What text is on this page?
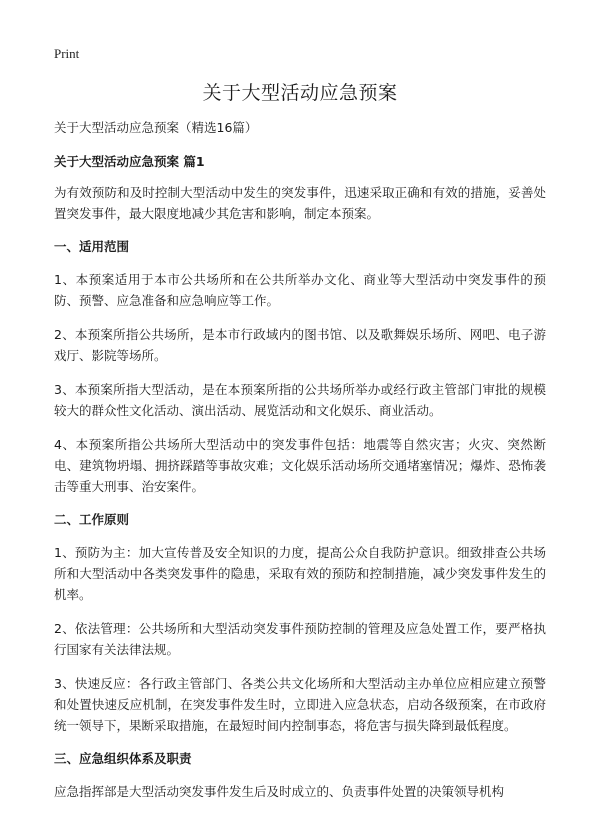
Print
关于大型活动应急预案
关于大型活动应急预案（精选16篇）
关于大型活动应急预案 篇1

为有效预防和及时控制大型活动中发生的突发事件，迅速采取正确和有效的措施，妥善处置突发事件，最大限度地减少其危害和影响，制定本预案。

一、适用范围

1、本预案适用于本市公共场所和在公共所举办文化、商业等大型活动中突发事件的预防、预警、应急准备和应急响应等工作。

2、本预案所指公共场所，是本市行政域内的图书馆、以及歌舞娱乐场所、网吧、电子游戏厅、影院等场所。

3、本预案所指大型活动，是在本预案所指的公共场所举办或经行政主管部门审批的规模较大的群众性文化活动、演出活动、展览活动和文化娱乐、商业活动。

4、本预案所指公共场所大型活动中的突发事件包括：地震等自然灾害；火灾、突然断电、建筑物坍塌、拥挤踩踏等事故灾难；文化娱乐活动场所交通堵塞情况；爆炸、恐怖袭击等重大刑事、治安案件。

二、工作原则

1、预防为主：加大宣传普及安全知识的力度，提高公众自我防护意识。细致排查公共场所和大型活动中各类突发事件的隐患，采取有效的预防和控制措施，减少突发事件发生的机率。

2、依法管理：公共场所和大型活动突发事件预防控制的管理及应急处置工作，要严格执行国家有关法律法规。

3、快速反应：各行政主管部门、各类公共文化场所和大型活动主办单位应相应建立预警和处置快速反应机制，在突发事件发生时，立即进入应急状态，启动各级预案，在市政府统一领导下，果断采取措施，在最短时间内控制事态，将危害与损失降到最低程度。

三、应急组织体系及职责

应急指挥部是大型活动突发事件发生后及时成立的、负责事件处置的决策领导机构
